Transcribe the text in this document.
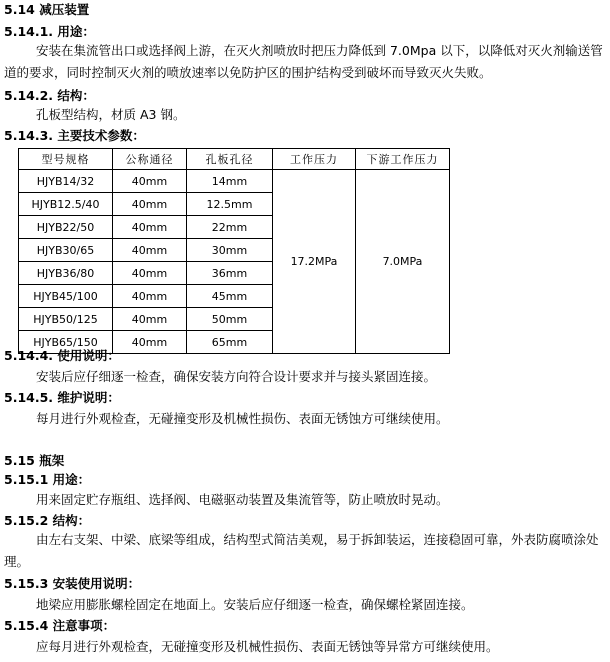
5.14 减压装置
5.14.1. 用途：
安装在集流管出口或选择阀上游，在灭火剂喷放时把压力降低到 7.0Mpa 以下，以降低对灭火剂输送管道的要求，同时控制灭火剂的喷放速率以免防护区的围护结构受到破坏而导致灭火失败。
5.14.2. 结构：
孔板型结构，材质 A3 钢。
5.14.3. 主要技术参数：
型号规格	公称通径	孔板孔径	工作压力	下游工作压力
HJYB14/32	40mm	14mm	17.2MPa	7.0MPa
HJYB12.5/40	40mm	12.5mm		
HJYB22/50	40mm	22mm		
HJYB30/65	40mm	30mm		
HJYB36/80	40mm	36mm		
HJYB45/100	40mm	45mm		
HJYB50/125	40mm	50mm		
HJYB65/150	40mm	65mm		
5.14.4. 使用说明：
安装后应仔细逐一检查，确保安装方向符合设计要求并与接头紧固连接。
5.14.5. 维护说明：
每月进行外观检查，无碰撞变形及机械性损伤、表面无锈蚀方可继续使用。
5.15 瓶架
5.15.1 用途：
用来固定贮存瓶组、选择阀、电磁驱动装置及集流管等，防止喷放时晃动。
5.15.2 结构：
由左右支架、中梁、底梁等组成，结构型式简洁美观，易于拆卸装运，连接稳固可靠，外表防腐喷涂处理。
5.15.3 安装使用说明：
地梁应用膨胀螺栓固定在地面上。安装后应仔细逐一检查，确保螺栓紧固连接。
5.15.4 注意事项：
应每月进行外观检查，无碰撞变形及机械性损伤、表面无锈蚀等异常方可继续使用。
